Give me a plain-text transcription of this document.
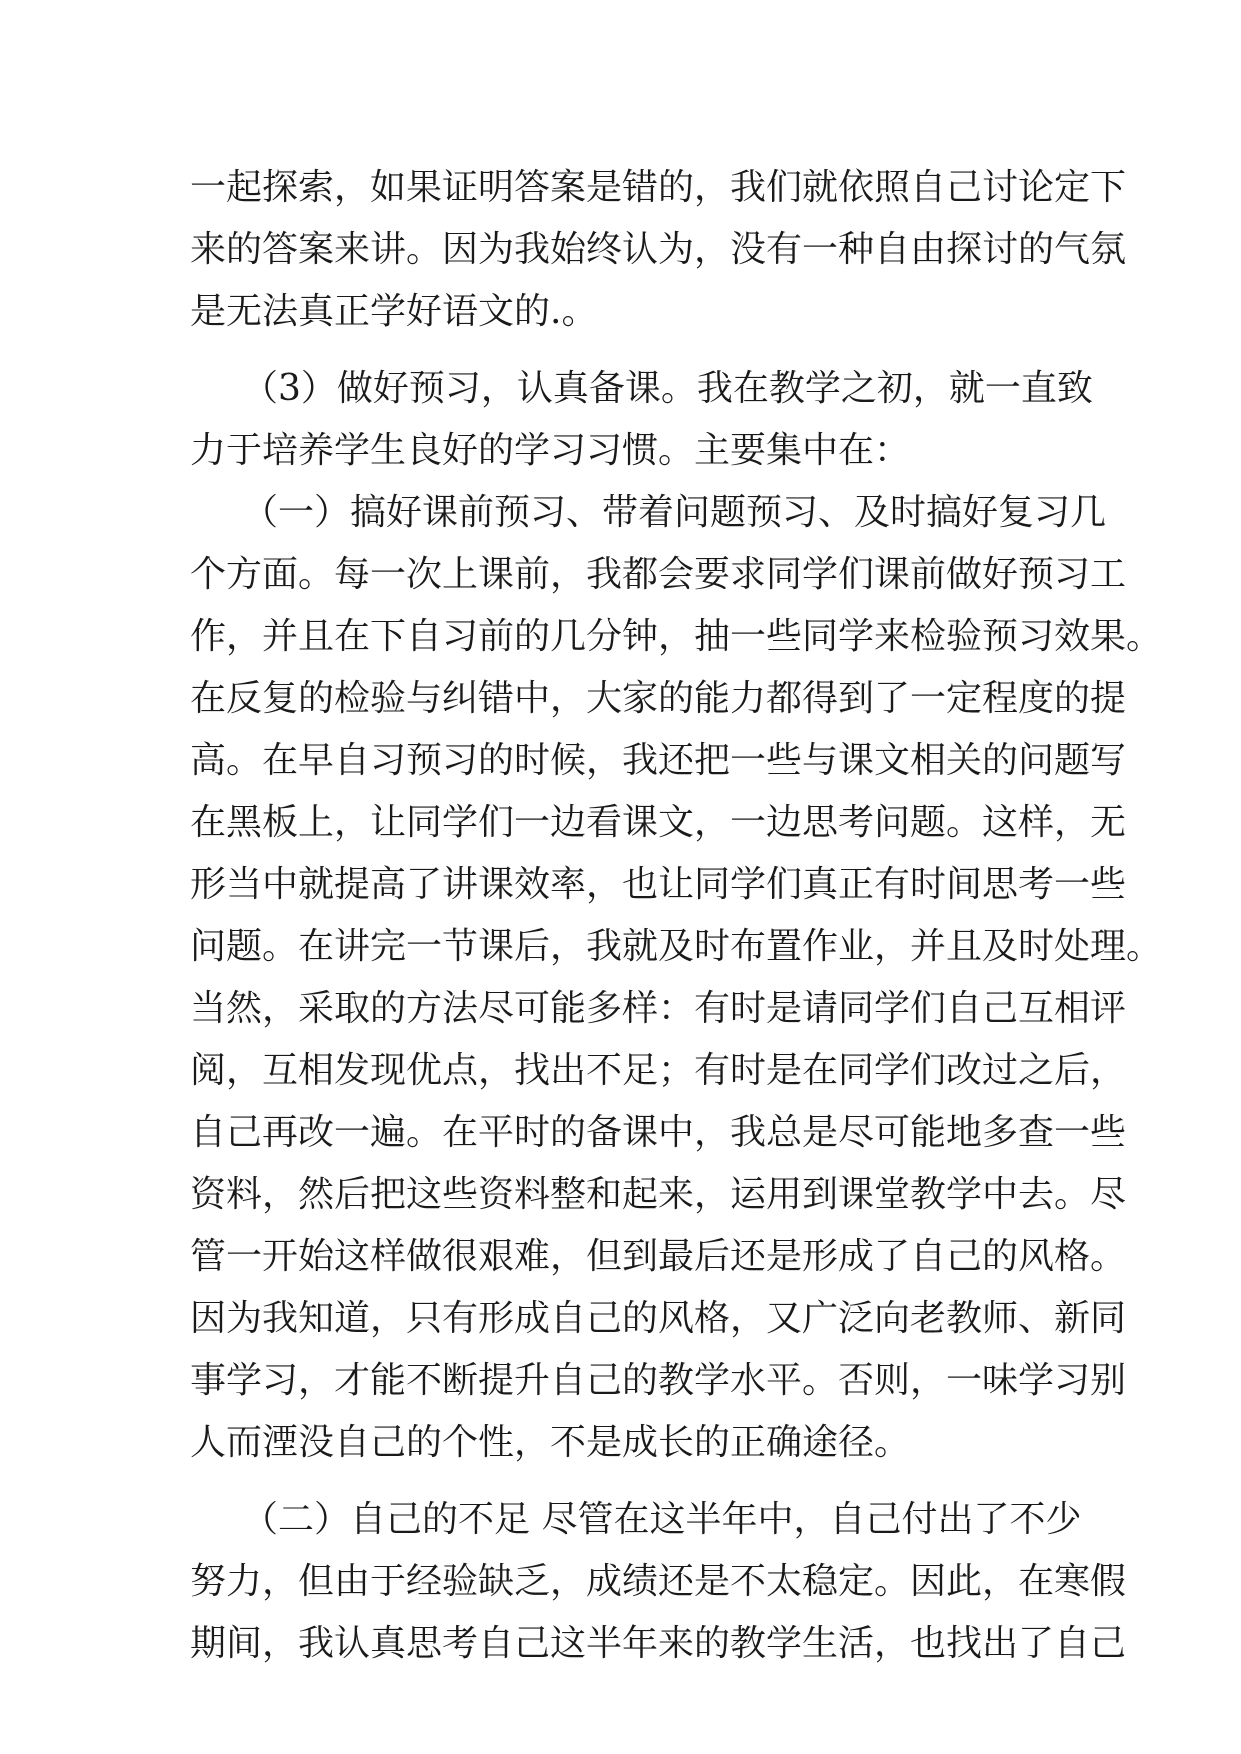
一起探索，如果证明答案是错的，我们就依照自己讨论定下
来的答案来讲。因为我始终认为，没有一种自由探讨的气氛
是无法真正学好语文的.。
（3）做好预习，认真备课。我在教学之初，就一直致
力于培养学生良好的学习习惯。主要集中在：
（一）搞好课前预习、带着问题预习、及时搞好复习几
个方面。每一次上课前，我都会要求同学们课前做好预习工
作，并且在下自习前的几分钟，抽一些同学来检验预习效果。
在反复的检验与纠错中，大家的能力都得到了一定程度的提
高。在早自习预习的时候，我还把一些与课文相关的问题写
在黑板上，让同学们一边看课文，一边思考问题。这样，无
形当中就提高了讲课效率，也让同学们真正有时间思考一些
问题。在讲完一节课后，我就及时布置作业，并且及时处理。
当然，采取的方法尽可能多样：有时是请同学们自己互相评
阅，互相发现优点，找出不足；有时是在同学们改过之后，
自己再改一遍。在平时的备课中，我总是尽可能地多查一些
资料，然后把这些资料整和起来，运用到课堂教学中去。尽
管一开始这样做很艰难，但到最后还是形成了自己的风格。
因为我知道，只有形成自己的风格，又广泛向老教师、新同
事学习，才能不断提升自己的教学水平。否则，一味学习别
人而湮没自己的个性，不是成长的正确途径。
（二）自己的不足 尽管在这半年中，自己付出了不少
努力，但由于经验缺乏，成绩还是不太稳定。因此，在寒假
期间，我认真思考自己这半年来的教学生活，也找出了自己
